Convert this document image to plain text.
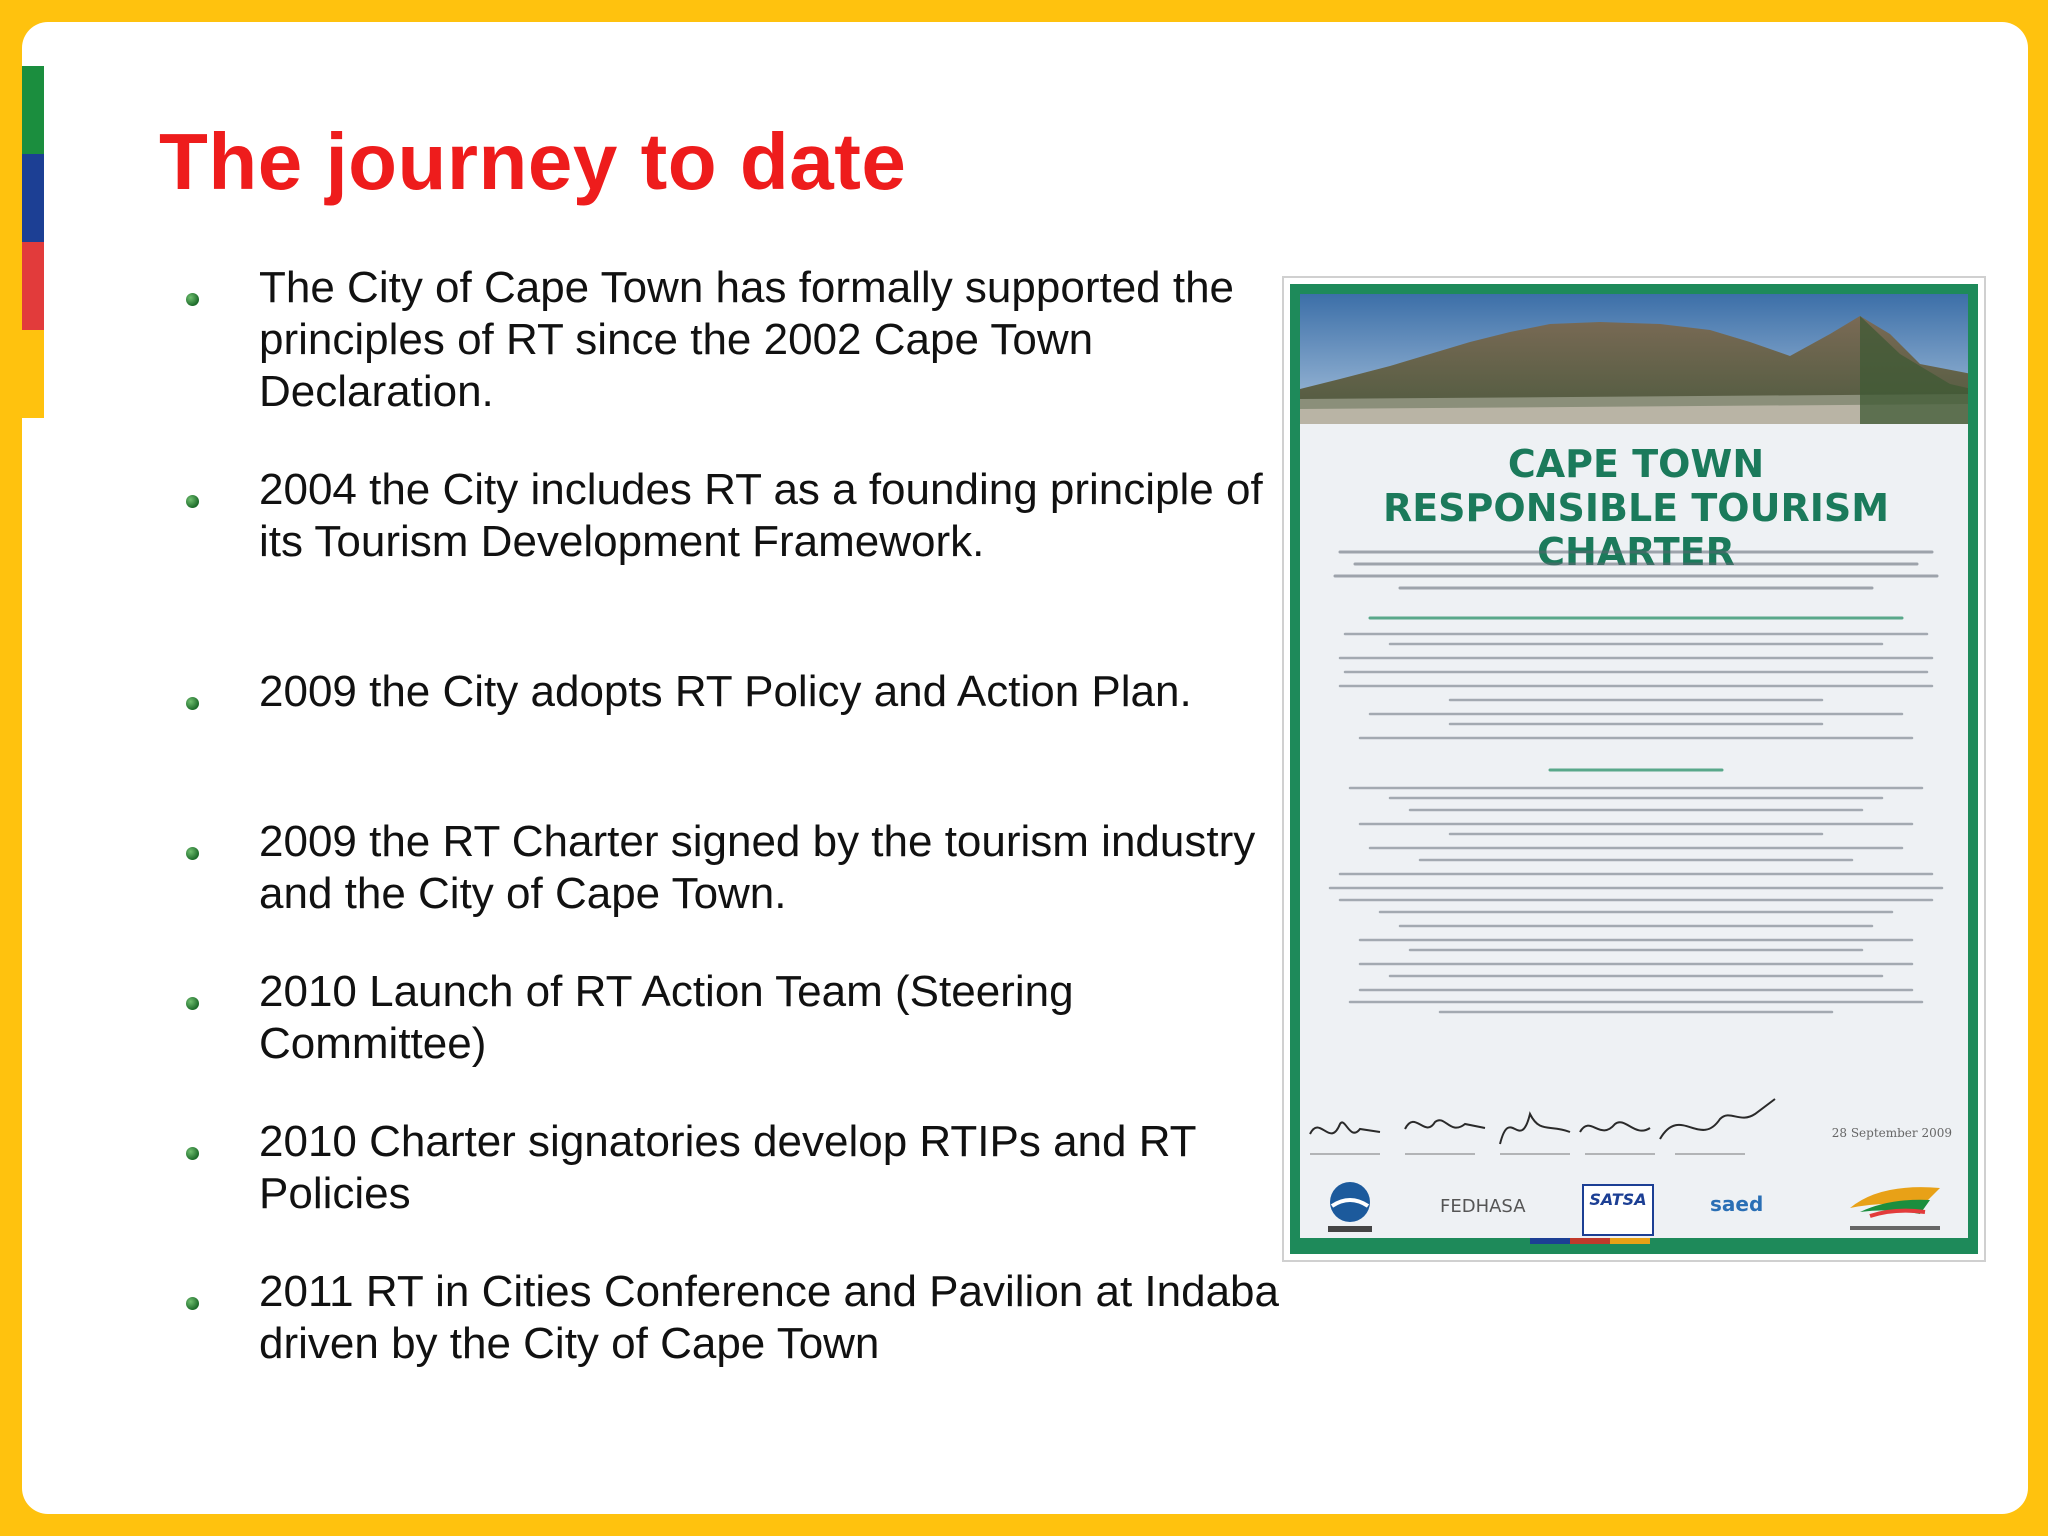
The journey to date
The City of Cape Town has formally supported the principles of RT since the 2002 Cape Town Declaration.
2004 the City includes RT as a founding principle of its Tourism Development Framework.
2009 the City adopts RT Policy and Action Plan.
2009 the RT Charter signed by the tourism industry and the City of Cape Town.
2010 Launch of RT Action Team (Steering Committee)
2010 Charter signatories develop RTIPs and RT Policies
2011 RT in Cities Conference and Pavilion at Indaba driven by the City of Cape Town
CAPE TOWN
RESPONSIBLE TOURISM CHARTER
28 September 2009
FEDHASA	SATSA	saed
